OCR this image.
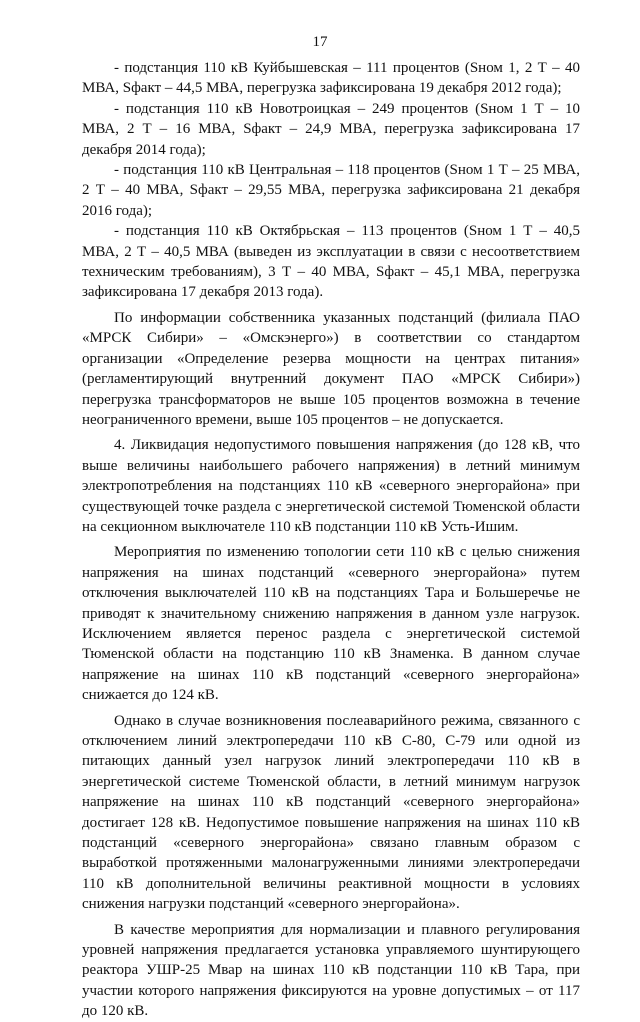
17

- подстанция 110 кВ Куйбышевская – 111 процентов (Sном 1, 2 Т – 40 МВА, Sфакт – 44,5 МВА, перегрузка зафиксирована 19 декабря 2012 года);

- подстанция 110 кВ Новотроицкая – 249 процентов (Sном 1 Т – 10 МВА, 2 Т – 16 МВА, Sфакт – 24,9 МВА, перегрузка зафиксирована 17 декабря 2014 года);

- подстанция 110 кВ Центральная – 118 процентов (Sном 1 Т – 25 МВА, 2 Т – 40 МВА, Sфакт – 29,55 МВА, перегрузка зафиксирована 21 декабря 2016 года);

- подстанция 110 кВ Октябрьская – 113 процентов (Sном 1 Т – 40,5 МВА, 2 Т – 40,5 МВА (выведен из эксплуатации в связи с несоответствием техническим требованиям), 3 Т – 40 МВА, Sфакт – 45,1 МВА, перегрузка зафиксирована 17 декабря 2013 года).

По информации собственника указанных подстанций (филиала ПАО «МРСК Сибири» – «Омскэнерго») в соответствии со стандартом организации «Определение резерва мощности на центрах питания» (регламентирующий внутренний документ ПАО «МРСК Сибири») перегрузка трансформаторов не выше 105 процентов возможна в течение неограниченного времени, выше 105 процентов – не допускается.

4. Ликвидация недопустимого повышения напряжения (до 128 кВ, что выше величины наибольшего рабочего напряжения) в летний минимум электропотребления на подстанциях 110 кВ «северного энергорайона» при существующей точке раздела с энергетической системой Тюменской области на секционном выключателе 110 кВ подстанции 110 кВ Усть-Ишим.

Мероприятия по изменению топологии сети 110 кВ с целью снижения напряжения на шинах подстанций «северного энергорайона» путем отключения выключателей 110 кВ на подстанциях Тара и Большеречье не приводят к значительному снижению напряжения в данном узле нагрузок. Исключением является перенос раздела с энергетической системой Тюменской области на подстанцию 110 кВ Знаменка. В данном случае напряжение на шинах 110 кВ подстанций «северного энергорайона» снижается до 124 кВ.

Однако в случае возникновения послеаварийного режима, связанного с отключением линий электропередачи 110 кВ С-80, С-79 или одной из питающих данный узел нагрузок линий электропередачи 110 кВ в энергетической системе Тюменской области, в летний минимум нагрузок напряжение на шинах 110 кВ подстанций «северного энергорайона» достигает 128 кВ. Недопустимое повышение напряжения на шинах 110 кВ подстанций «северного энергорайона» связано главным образом с выработкой протяженными малонагруженными линиями электропередачи 110 кВ дополнительной величины реактивной мощности в условиях снижения нагрузки подстанций «северного энергорайона».

В качестве мероприятия для нормализации и плавного регулирования уровней напряжения предлагается установка управляемого шунтирующего реактора УШР-25 Мвар на шинах 110 кВ подстанции 110 кВ Тара, при участии которого напряжения фиксируются на уровне допустимых – от 117 до 120 кВ.
